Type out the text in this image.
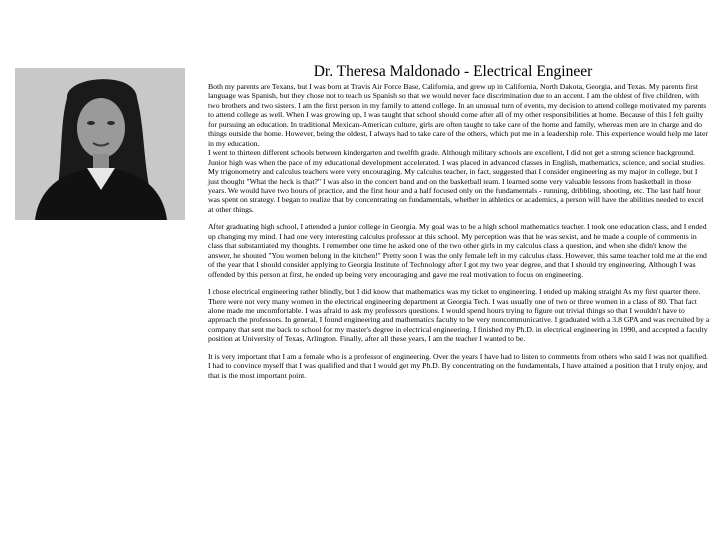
Dr. Theresa Maldonado - Electrical Engineer

Both my parents are Texans, but I was born at Travis Air Force Base, California, and grew up in California, North Dakota, Georgia, and Texas. My parents first language was Spanish, but they chose not to teach us Spanish so that we would never face discrimination due to an accent. I am the oldest of five children, with two brothers and two sisters. I am the first person in my family to attend college. In an unusual turn of events, my decision to attend college motivated my parents to attend college as well. When I was growing up, I was taught that school should come after all of my other responsibilities at home. Because of this I felt guilty for pursuing an education. In traditional Mexican-American culture, girls are often taught to take care of the home and family, whereas men are in charge and do things outside the home. However, being the oldest, I always had to take care of the others, which put me in a leadership role. This experience would help me later in my education.

I went to thirteen different schools between kindergarten and twelfth grade. Although military schools are excellent, I did not get a strong science background. Junior high was when the pace of my educational development accelerated. I was placed in advanced classes in English, mathematics, science, and social studies. My trigonometry and calculus teachers were very encouraging. My calculus teacher, in fact, suggested that I consider engineering as my major in college, but I just thought "What the heck is that?" I was also in the concert band and on the basketball team. I learned some very valuable lessons from basketball in those years. We would have two hours of practice, and the first hour and a half focused only on the fundamentals - running, dribbling, shooting, etc. The last half hour was spent on strategy. I began to realize that by concentrating on fundamentals, whether in athletics or academics, a person will have the abilities needed to excel at other things.

After graduating high school, I attended a junior college in Georgia. My goal was to be a high school mathematics teacher. I took one education class, and I ended up changing my mind. I had one very interesting calculus professor at this school. My perception was that he was sexist, and he made a couple of comments in class that substantiated my thoughts. I remember one time he asked one of the two other girls in my calculus class a question, and when she didn't know the answer, he shouted "You women belong in the kitchen!" Pretty soon I was the only female left in my calculus class. However, this same teacher told me at the end of the year that I should consider applying to Georgia Institute of Technology after I got my two year degree, and that I should try engineering. Although I was offended by this person at first, he ended up being very encouraging and gave me real motivation to focus on engineering.

I chose electrical engineering rather blindly, but I did know that mathematics was my ticket to engineering. I ended up making straight As my first quarter there. There were not very many women in the electrical engineering department at Georgia Tech. I was usually one of two or three women in a class of 80. That fact alone made me uncomfortable. I was afraid to ask my professors questions. I would spend hours trying to figure out trivial things so that I wouldn't have to approach the professors. In general, I found engineering and mathematics faculty to be very noncommunicative. I graduated with a 3.8 GPA and was recruited by a company that sent me back to school for my master's degree in electrical engineering. I finished my Ph.D. in electrical engineering in 1990, and accepted a faculty position at University of Texas, Arlington. Finally, after all these years, I am the teacher I wanted to be.

It is very important that I am a female who is a professor of engineering. Over the years I have had to listen to comments from others who said I was not qualified. I had to convince myself that I was qualified and that I would get my Ph.D. By concentrating on the fundamentals, I have attained a position that I truly enjoy, and that is the most important point.
